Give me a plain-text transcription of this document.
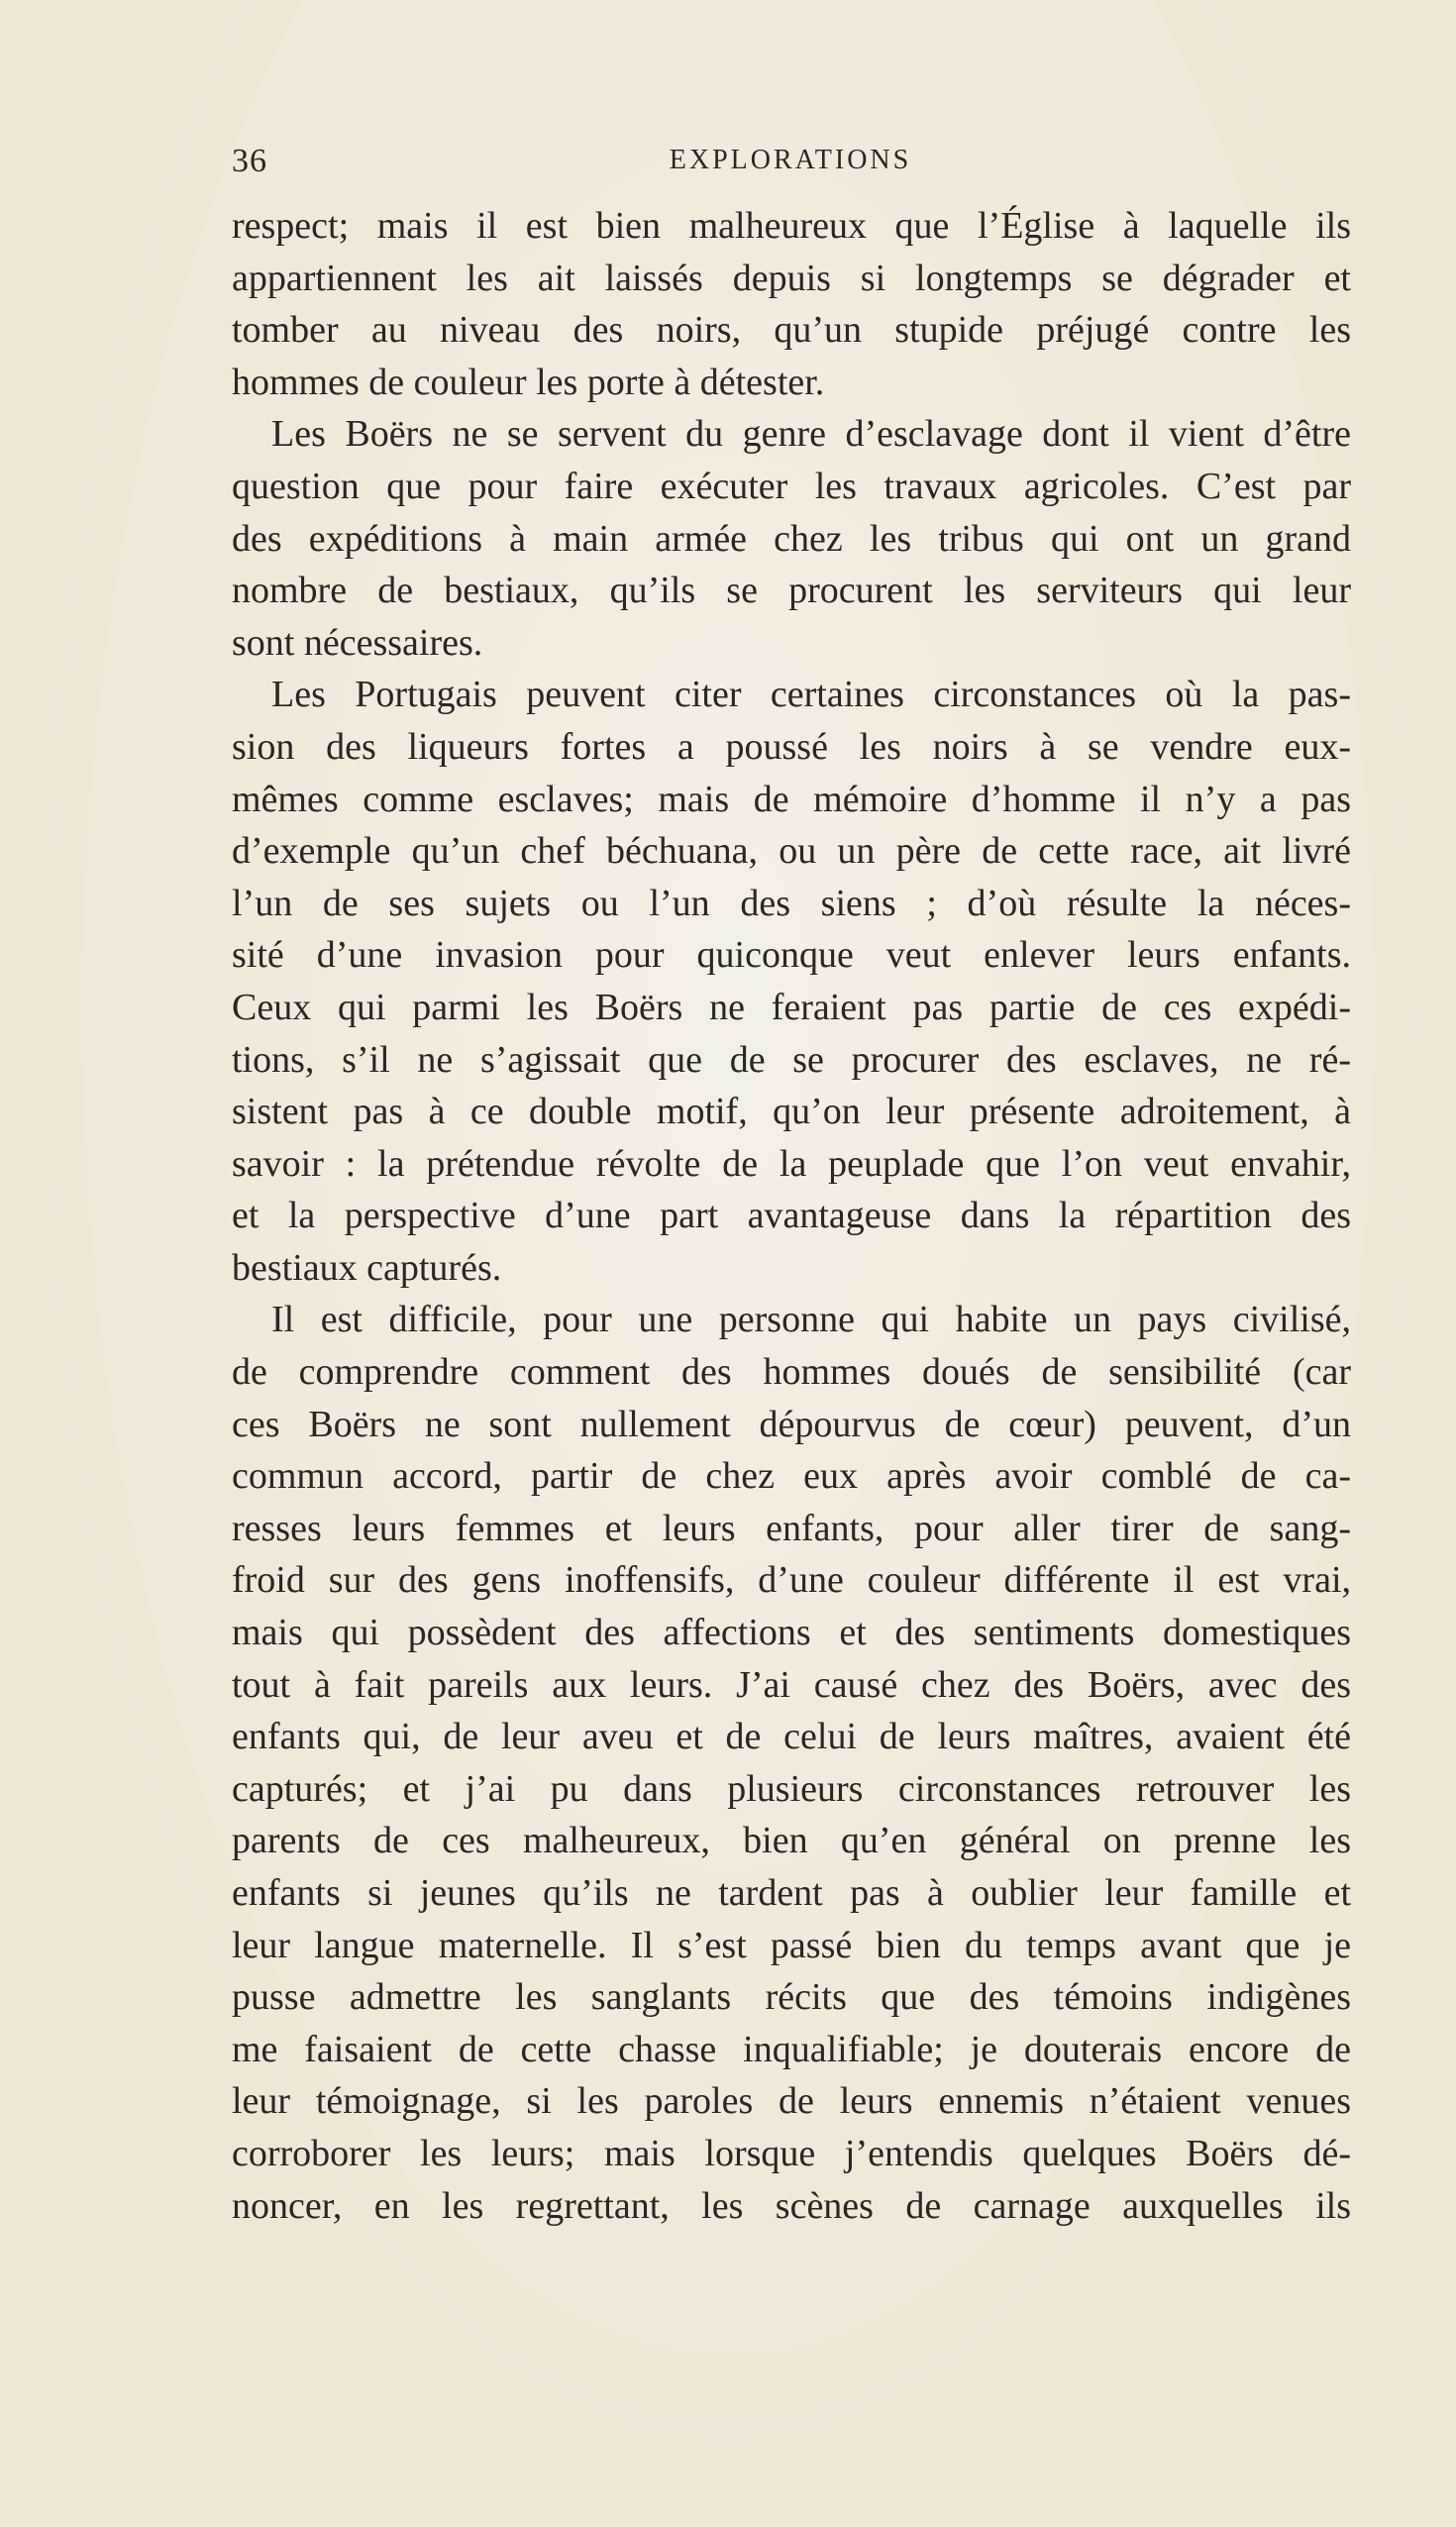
36	EXPLORATIONS
respect; mais il est bien malheureux que l’Église à laquelle ils
appartiennent les ait laissés depuis si longtemps se dégrader et
tomber au niveau des noirs, qu’un stupide préjugé contre les
hommes de couleur les porte à détester.
Les Boërs ne se servent du genre d’esclavage dont il vient d’être
question que pour faire exécuter les travaux agricoles. C’est par
des expéditions à main armée chez les tribus qui ont un grand
nombre de bestiaux, qu’ils se procurent les serviteurs qui leur
sont nécessaires.
Les Portugais peuvent citer certaines circonstances où la pas-
sion des liqueurs fortes a poussé les noirs à se vendre eux-
mêmes comme esclaves; mais de mémoire d’homme il n’y a pas
d’exemple qu’un chef béchuana, ou un père de cette race, ait livré
l’un de ses sujets ou l’un des siens ; d’où résulte la néces-
sité d’une invasion pour quiconque veut enlever leurs enfants.
Ceux qui parmi les Boërs ne feraient pas partie de ces expédi-
tions, s’il ne s’agissait que de se procurer des esclaves, ne ré-
sistent pas à ce double motif, qu’on leur présente adroitement, à
savoir : la prétendue révolte de la peuplade que l’on veut envahir,
et la perspective d’une part avantageuse dans la répartition des
bestiaux capturés.
Il est difficile, pour une personne qui habite un pays civilisé,
de comprendre comment des hommes doués de sensibilité (car
ces Boërs ne sont nullement dépourvus de cœur) peuvent, d’un
commun accord, partir de chez eux après avoir comblé de ca-
resses leurs femmes et leurs enfants, pour aller tirer de sang-
froid sur des gens inoffensifs, d’une couleur différente il est vrai,
mais qui possèdent des affections et des sentiments domestiques
tout à fait pareils aux leurs. J’ai causé chez des Boërs, avec des
enfants qui, de leur aveu et de celui de leurs maîtres, avaient été
capturés; et j’ai pu dans plusieurs circonstances retrouver les
parents de ces malheureux, bien qu’en général on prenne les
enfants si jeunes qu’ils ne tardent pas à oublier leur famille et
leur langue maternelle. Il s’est passé bien du temps avant que je
pusse admettre les sanglants récits que des témoins indigènes
me faisaient de cette chasse inqualifiable; je douterais encore de
leur témoignage, si les paroles de leurs ennemis n’étaient venues
corroborer les leurs; mais lorsque j’entendis quelques Boërs dé-
noncer, en les regrettant, les scènes de carnage auxquelles ils
